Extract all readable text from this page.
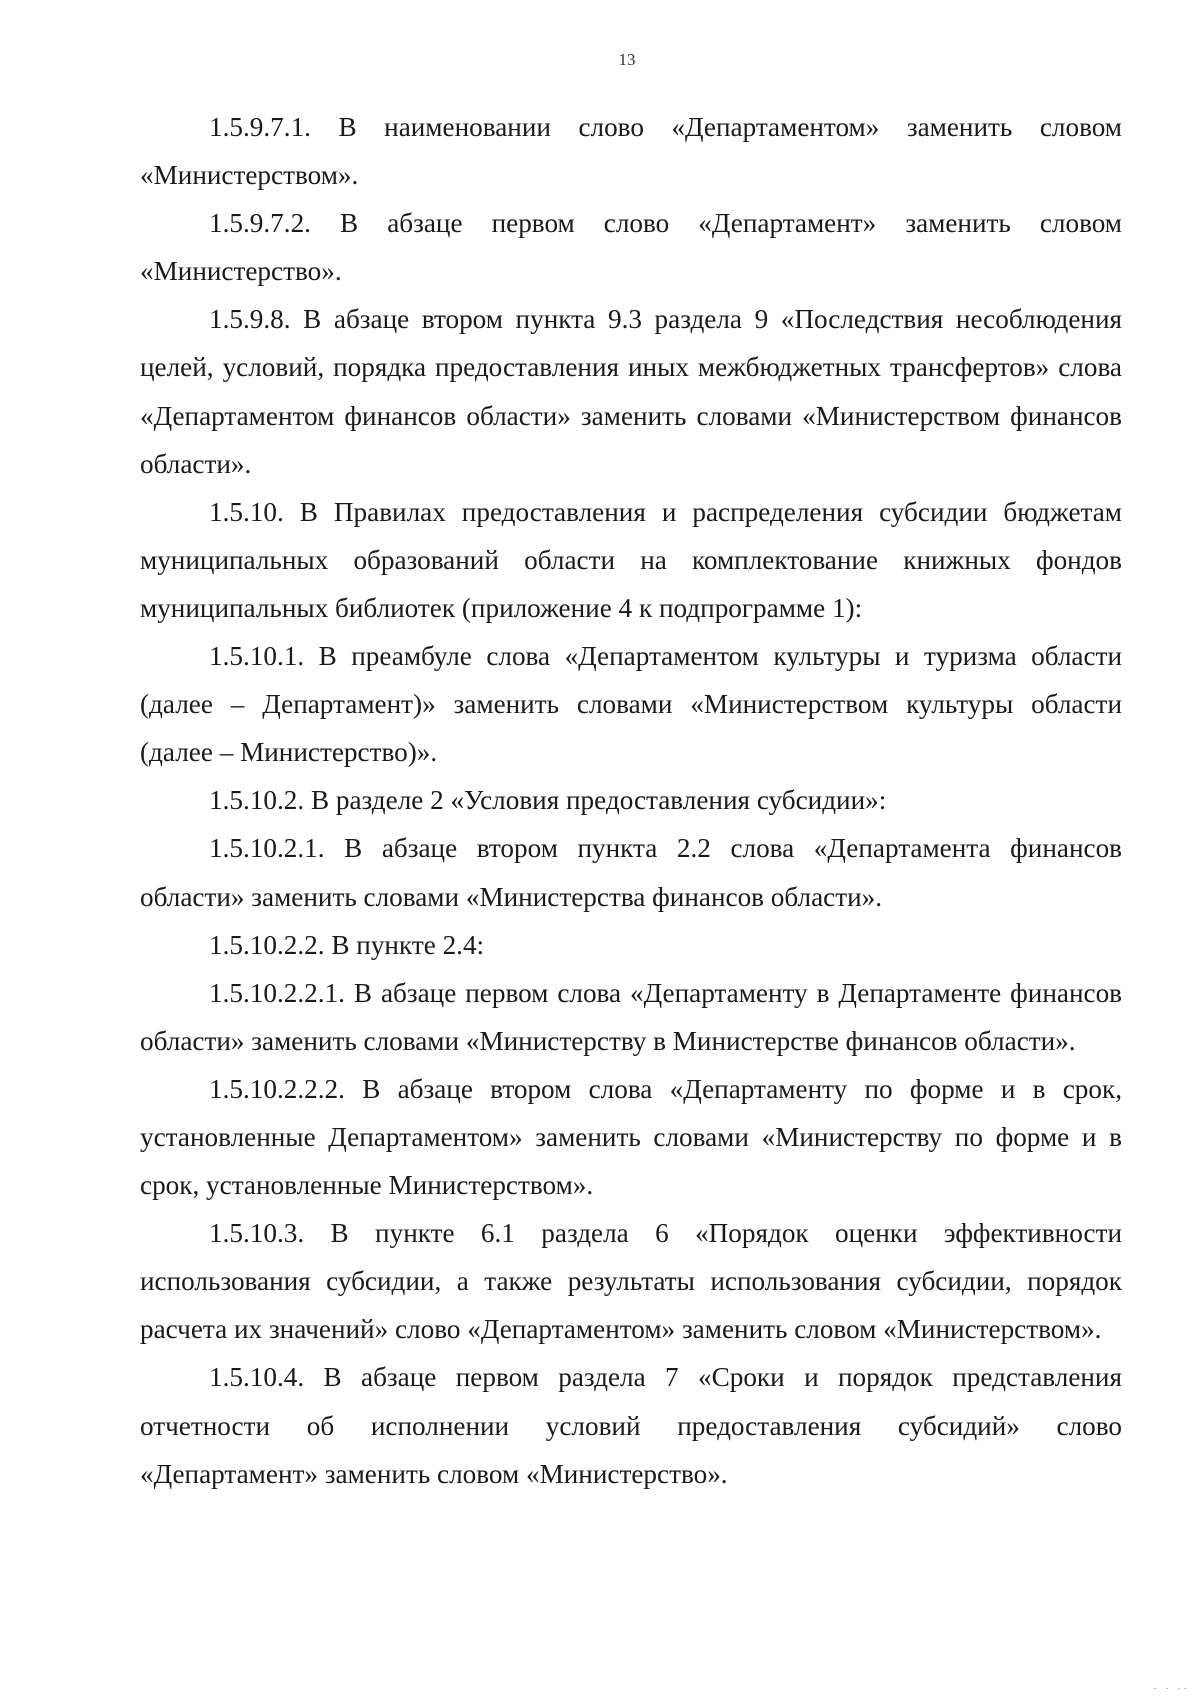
13

1.5.9.7.1. В наименовании слово «Департаментом» заменить словом «Министерством».

1.5.9.7.2. В абзаце первом слово «Департамент» заменить словом «Министерство».

1.5.9.8. В абзаце втором пункта 9.3 раздела 9 «Последствия несоблюдения целей, условий, порядка предоставления иных межбюджетных трансфертов» слова «Департаментом финансов области» заменить словами «Министерством финансов области».

1.5.10. В Правилах предоставления и распределения субсидии бюджетам муниципальных образований области на комплектование книжных фондов муниципальных библиотек (приложение 4 к подпрограмме 1):

1.5.10.1. В преамбуле слова «Департаментом культуры и туризма области (далее – Департамент)» заменить словами «Министерством культуры области (далее – Министерство)».

1.5.10.2. В разделе 2 «Условия предоставления субсидии»:

1.5.10.2.1. В абзаце втором пункта 2.2 слова «Департамента финансов области» заменить словами «Министерства финансов области».

1.5.10.2.2. В пункте 2.4:

1.5.10.2.2.1. В абзаце первом слова «Департаменту в Департаменте финансов области» заменить словами «Министерству в Министерстве финансов области».

1.5.10.2.2.2. В абзаце втором слова «Департаменту по форме и в срок, установленные Департаментом» заменить словами «Министерству по форме и в срок, установленные Министерством».

1.5.10.3. В пункте 6.1 раздела 6 «Порядок оценки эффективности использования субсидии, а также результаты использования субсидии, порядок расчета их значений» слово «Департаментом» заменить словом «Министерством».

1.5.10.4. В абзаце первом раздела 7 «Сроки и порядок представления отчетности об исполнении условий предоставления субсидий» слово «Департамент» заменить словом «Министерство».

· · ··
